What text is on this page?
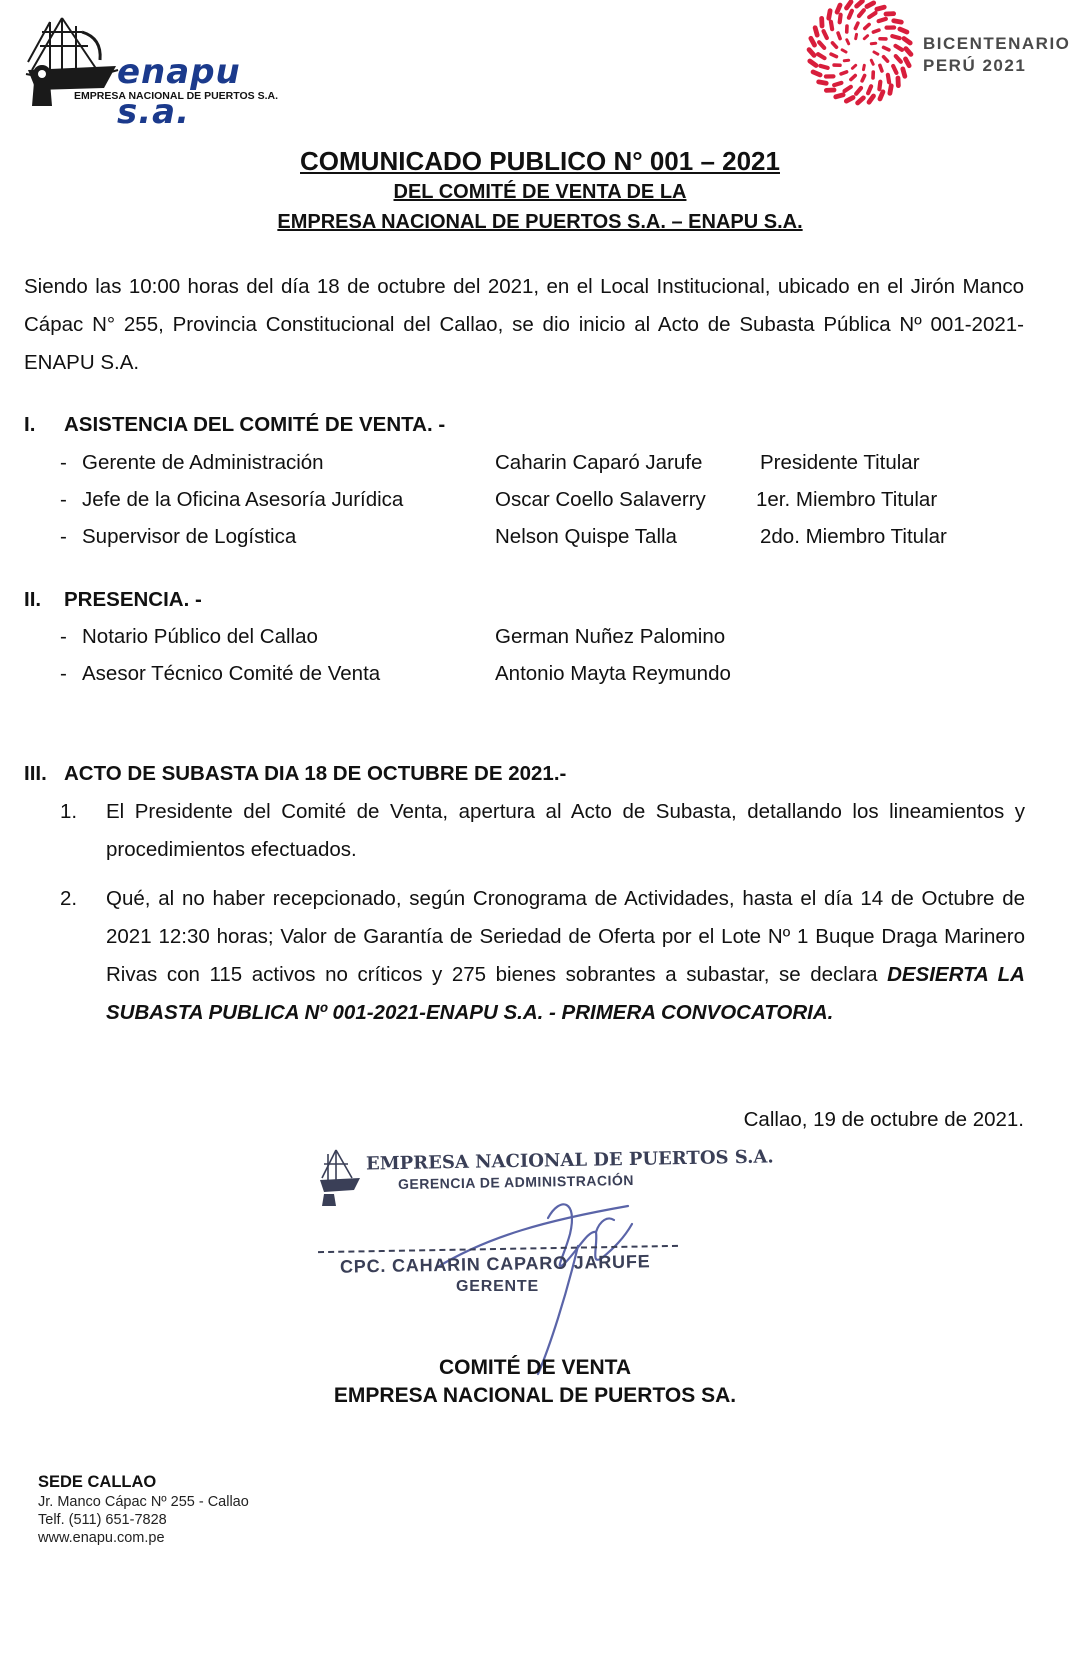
enapu s.a.
EMPRESA NACIONAL DE PUERTOS S.A.
BICENTENARIO
PERÚ 2021
COMUNICADO PUBLICO N° 001 – 2021
DEL COMITÉ DE VENTA DE LA
EMPRESA NACIONAL DE PUERTOS S.A. – ENAPU S.A.
Siendo las 10:00 horas del día 18 de octubre del 2021, en el Local Institucional, ubicado en el Jirón Manco Cápac N° 255, Provincia Constitucional del Callao, se dio inicio al Acto de Subasta Pública Nº 001-2021-ENAPU S.A.
I. ASISTENCIA DEL COMITÉ DE VENTA. -
- Gerente de Administración	Caharin Caparó Jarufe	Presidente Titular
- Jefe de la Oficina Asesoría Jurídica	Oscar Coello Salaverry 1er. Miembro Titular
- Supervisor de Logística	Nelson Quispe Talla	2do. Miembro Titular
II. PRESENCIA. -
- Notario Público del Callao	German Nuñez Palomino
- Asesor Técnico Comité de Venta	Antonio Mayta Reymundo
III. ACTO DE SUBASTA DIA 18 DE OCTUBRE DE 2021.-
1. El Presidente del Comité de Venta, apertura al Acto de Subasta, detallando los lineamientos y procedimientos efectuados.
2. Qué, al no haber recepcionado, según Cronograma de Actividades, hasta el día 14 de Octubre de 2021 12:30 horas; Valor de Garantía de Seriedad de Oferta por el Lote Nº 1 Buque Draga Marinero Rivas con 115 activos no críticos y 275 bienes sobrantes a subastar, se declara DESIERTA LA SUBASTA PUBLICA Nº 001-2021-ENAPU S.A. - PRIMERA CONVOCATORIA.
Callao, 19 de octubre de 2021.
EMPRESA NACIONAL DE PUERTOS S.A.
GERENCIA DE ADMINISTRACIÓN
CPC. CAHARIN CAPARO JARUFE
GERENTE
COMITÉ DE VENTA
EMPRESA NACIONAL DE PUERTOS SA.
SEDE CALLAO
Jr. Manco Cápac Nº 255 - Callao
Telf. (511) 651-7828
www.enapu.com.pe
